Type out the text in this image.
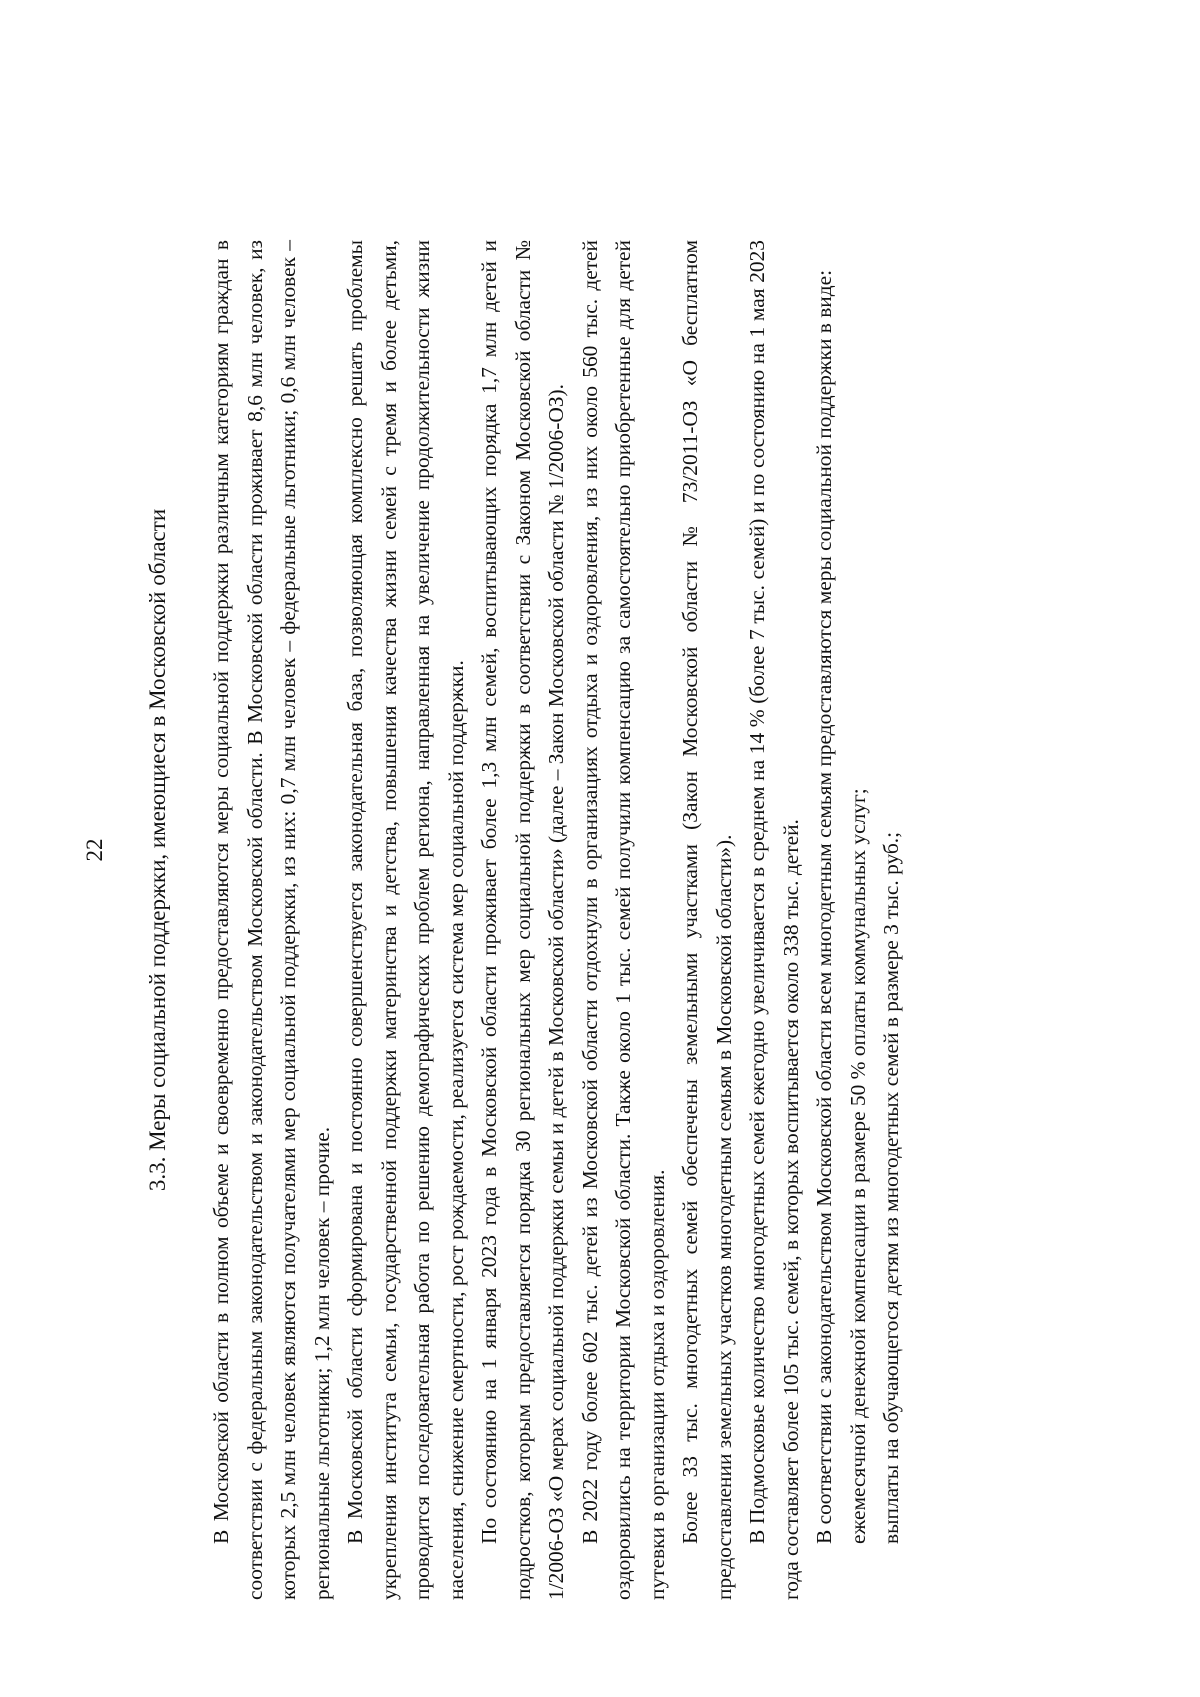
22 3.3. Меры социальной поддержки, имеющиеся в Московской области В Московской области в полном объеме и своевременно предоставляются меры социальной поддержки различным категориям граждан в соответствии с федеральным законодательством и законодательством Московской области. В Московской области проживает 8,6 млн человек, из которых 2,5 млн человек являются получателями мер социальной поддержки, из них: 0,7 млн человек – федеральные льготники; 0,6 млн человек – региональные льготники; 1,2 млн человек – прочие. В Московской области сформирована и постоянно совершенствуется законодательная база, позволяющая комплексно решать проблемы укрепления института семьи, государственной поддержки материнства и детства, повышения качества жизни семей с тремя и более детьми, проводится последовательная работа по решению демографических проблем региона, направленная на увеличение продолжительности жизни населения, снижение смертности, рост рождаемости, реализуется система мер социальной поддержки. По состоянию на 1 января 2023 года в Московской области проживает более 1,3 млн семей, воспитывающих порядка 1,7 млн детей и подростков, которым предоставляется порядка 30 региональных мер социальной поддержки в соответствии с Законом Московской области № 1/2006-ОЗ «О мерах социальной поддержки семьи и детей в Московской области» (далее – Закон Московской области № 1/2006-ОЗ). В 2022 году более 602 тыс. детей из Московской области отдохнули в организациях отдыха и оздоровления, из них около 560 тыс. детей оздоровились на территории Московской области. Также около 1 тыс. семей получили компенсацию за самостоятельно приобретенные для детей путевки в организации отдыха и оздоровления. Более 33 тыс. многодетных семей обеспечены земельными участками (Закон Московской области № 73/2011-ОЗ «О бесплатном предоставлении земельных участков многодетным семьям в Московской области»). В Подмосковье количество многодетных семей ежегодно увеличивается в среднем на 14 % (более 7 тыс. семей) и по состоянию на 1 мая 2023 года составляет более 105 тыс. семей, в которых воспитывается около 338 тыс. детей. В соответствии с законодательством Московской области всем многодетным семьям предоставляются меры социальной поддержки в виде: ежемесячной денежной компенсации в размере 50 % оплаты коммунальных услуг; выплаты на обучающегося детям из многодетных семей в размере 3 тыс. руб.;
